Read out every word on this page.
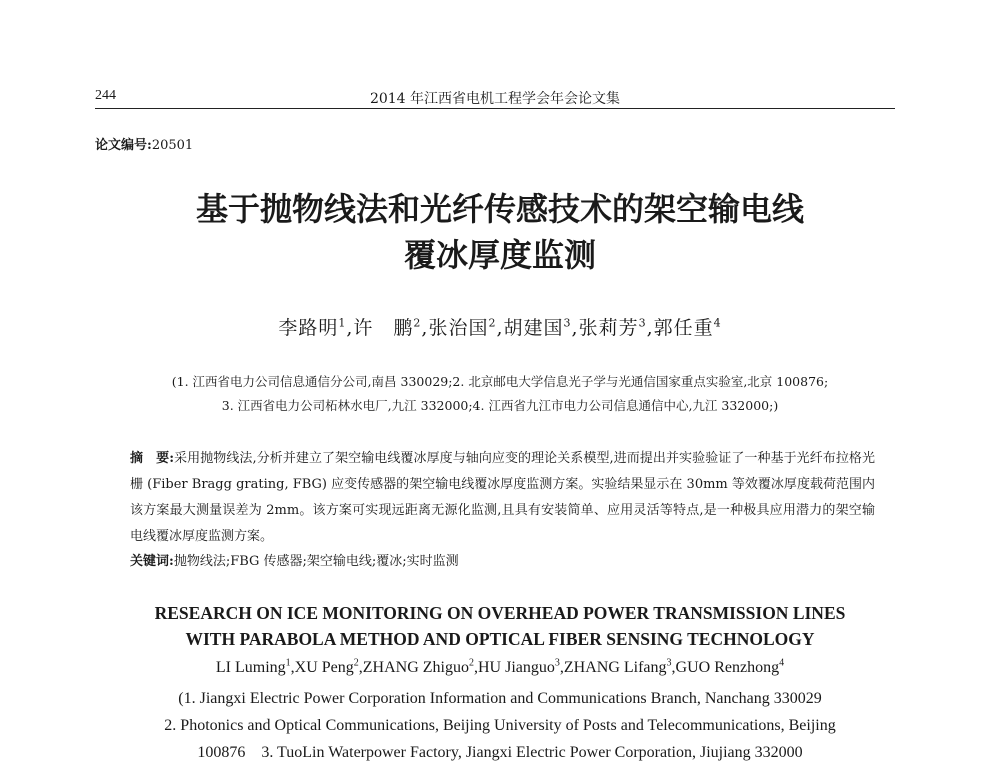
244	2014 年江西省电机工程学会年会论文集
论文编号:20501
基于抛物线法和光纤传感技术的架空输电线
覆冰厚度监测
李路明$^1$,许　鹏$^2$,张治国$^2$,胡建国$^3$,张莉芳$^3$,郭任重$^4$
(1. 江西省电力公司信息通信分公司,南昌 330029;2. 北京邮电大学信息光子学与光通信国家重点实验室,北京 100876;
3. 江西省电力公司柘林水电厂,九江 332000;4. 江西省九江市电力公司信息通信中心,九江 332000;)
摘　要:采用抛物线法,分析并建立了架空输电线覆冰厚度与轴向应变的理论关系模型,进而提出并实验验证了一种基于光纤布拉格光栅 (Fiber Bragg grating, FBG) 应变传感器的架空输电线覆冰厚度监测方案。实验结果显示在 30mm 等效覆冰厚度载荷范围内该方案最大测量误差为 2mm。该方案可实现远距离无源化监测,且具有安装简单、应用灵活等特点,是一种极具应用潜力的架空输电线覆冰厚度监测方案。
关键词:抛物线法;FBG 传感器;架空输电线;覆冰;实时监测
RESEARCH ON ICE MONITORING ON OVERHEAD POWER TRANSMISSION LINES
WITH PARABOLA METHOD AND OPTICAL FIBER SENSING TECHNOLOGY
LI Luming$^1$,XU Peng$^2$,ZHANG Zhiguo$^2$,HU Jianguo$^3$,ZHANG Lifang$^3$,GUO Renzhong$^4$
(1. Jiangxi Electric Power Corporation Information and Communications Branch, Nanchang 330029
2. Photonics and Optical Communications, Beijing University of Posts and Telecommunications, Beijing
100876　3. TuoLin Waterpower Factory, Jiangxi Electric Power Corporation, Jiujiang 332000
